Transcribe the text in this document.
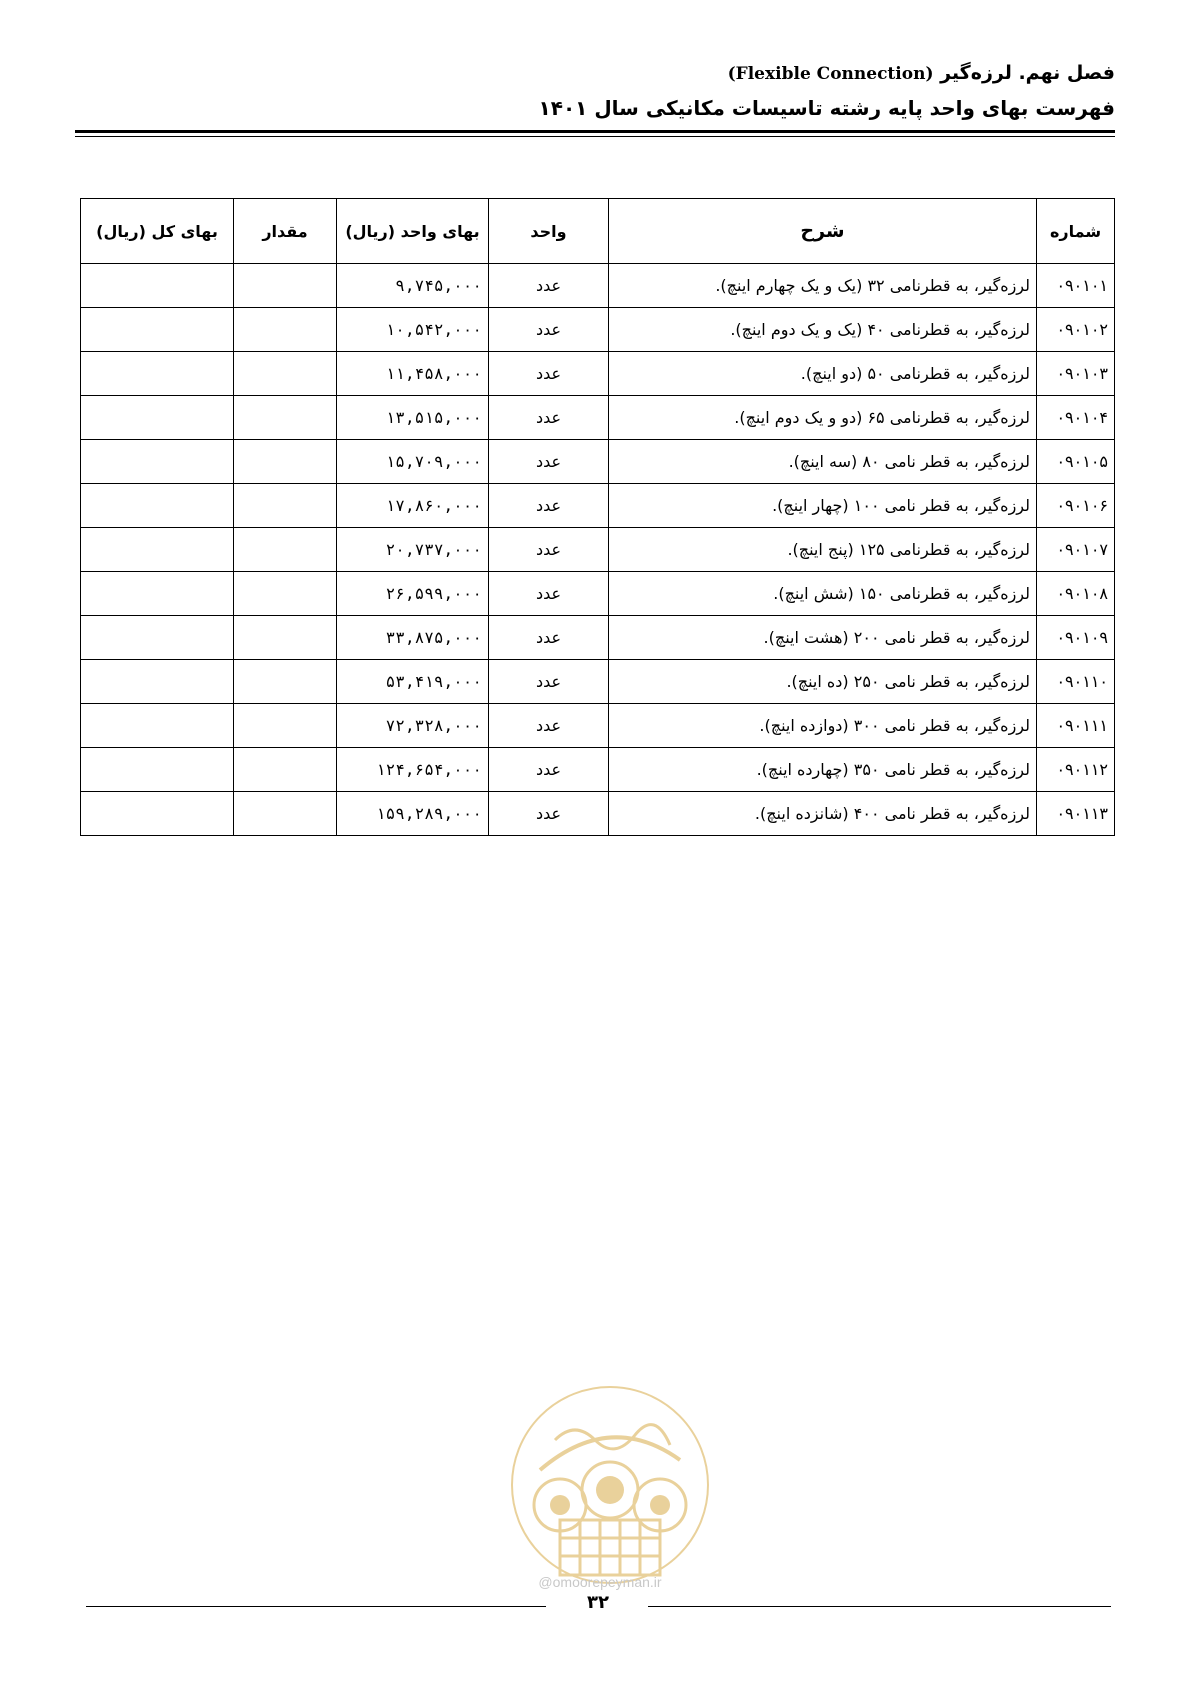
فصل نهم. لرزه‌گیر (Flexible Connection)
فهرست بهای واحد پایه رشته تاسیسات مکانیکی سال ۱۴۰۱
شماره	شرح	واحد	بهای واحد (ریال)	مقدار	بهای کل (ریال)
۰۹۰۱۰۱	لرزه‌گیر، به قطرنامی ۳۲ (یک و یک چهارم اینچ).	عدد	۹,۷۴۵,۰۰۰		
۰۹۰۱۰۲	لرزه‌گیر، به قطرنامی ۴۰ (یک و یک دوم اینچ).	عدد	۱۰,۵۴۲,۰۰۰		
۰۹۰۱۰۳	لرزه‌گیر، به قطرنامی ۵۰ (دو اینچ).	عدد	۱۱,۴۵۸,۰۰۰		
۰۹۰۱۰۴	لرزه‌گیر، به قطرنامی ۶۵ (دو و یک دوم اینچ).	عدد	۱۳,۵۱۵,۰۰۰		
۰۹۰۱۰۵	لرزه‌گیر، به قطر نامی ۸۰ (سه اینچ).	عدد	۱۵,۷۰۹,۰۰۰		
۰۹۰۱۰۶	لرزه‌گیر، به قطر نامی ۱۰۰ (چهار اینچ).	عدد	۱۷,۸۶۰,۰۰۰		
۰۹۰۱۰۷	لرزه‌گیر، به قطرنامی ۱۲۵ (پنج اینچ).	عدد	۲۰,۷۳۷,۰۰۰		
۰۹۰۱۰۸	لرزه‌گیر، به قطرنامی ۱۵۰ (شش اینچ).	عدد	۲۶,۵۹۹,۰۰۰		
۰۹۰۱۰۹	لرزه‌گیر، به قطر نامی ۲۰۰ (هشت اینچ).	عدد	۳۳,۸۷۵,۰۰۰		
۰۹۰۱۱۰	لرزه‌گیر، به قطر نامی ۲۵۰ (ده اینچ).	عدد	۵۳,۴۱۹,۰۰۰		
۰۹۰۱۱۱	لرزه‌گیر، به قطر نامی ۳۰۰ (دوازده اینچ).	عدد	۷۲,۳۲۸,۰۰۰		
۰۹۰۱۱۲	لرزه‌گیر، به قطر نامی ۳۵۰ (چهارده اینچ).	عدد	۱۲۴,۶۵۴,۰۰۰		
۰۹۰۱۱۳	لرزه‌گیر، به قطر نامی ۴۰۰ (شانزده اینچ).	عدد	۱۵۹,۲۸۹,۰۰۰		
@omoorepeyman.ir
۳۲
